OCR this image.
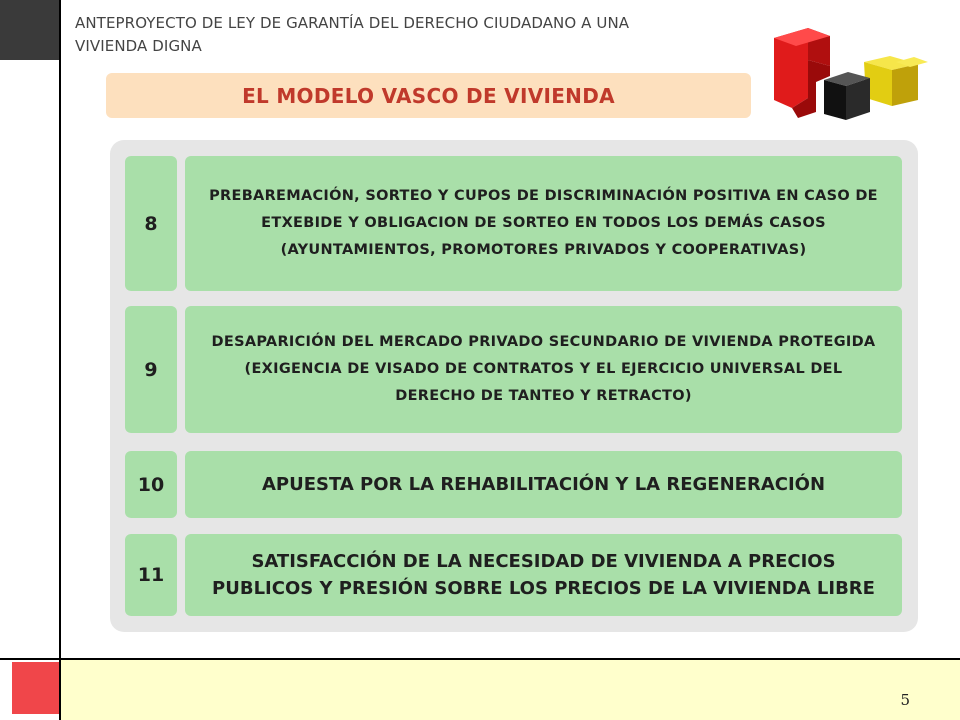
ANTEPROYECTO DE LEY DE GARANTÍA DEL DERECHO CIUDADANO A UNA
VIVIENDA DIGNA
EL MODELO VASCO DE VIVIENDA
8
PREBAREMACIÓN, SORTEO Y CUPOS DE DISCRIMINACIÓN POSITIVA EN CASO DE ETXEBIDE Y OBLIGACION DE SORTEO EN TODOS LOS DEMÁS CASOS (AYUNTAMIENTOS, PROMOTORES PRIVADOS Y COOPERATIVAS)
9
DESAPARICIÓN DEL MERCADO PRIVADO SECUNDARIO DE VIVIENDA PROTEGIDA (EXIGENCIA DE VISADO DE CONTRATOS Y EL EJERCICIO UNIVERSAL DEL DERECHO DE TANTEO Y RETRACTO)
10	APUESTA POR LA REHABILITACIÓN Y LA REGENERACIÓN
11
SATISFACCIÓN DE LA NECESIDAD DE VIVIENDA A PRECIOS PUBLICOS Y PRESIÓN SOBRE LOS PRECIOS DE LA VIVIENDA LIBRE
5
